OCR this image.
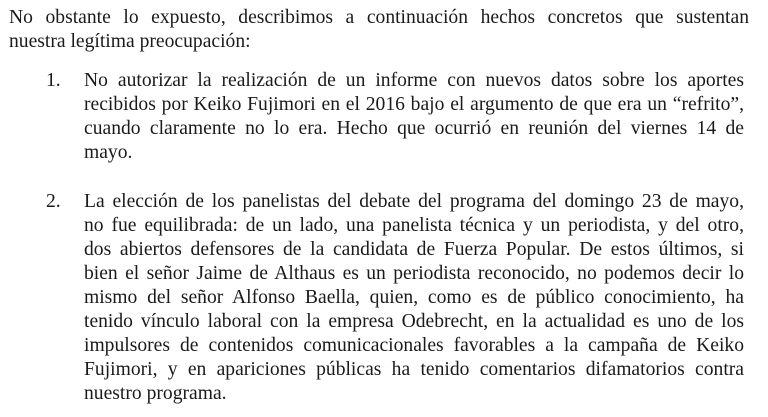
No obstante lo expuesto, describimos a continuación hechos concretos que sustentan
nuestra legítima preocupación:
1. No autorizar la realización de un informe con nuevos datos sobre los aportes
recibidos por Keiko Fujimori en el 2016 bajo el argumento de que era un “refrito”,
cuando claramente no lo era. Hecho que ocurrió en reunión del viernes 14 de
mayo.
2. La elección de los panelistas del debate del programa del domingo 23 de mayo,
no fue equilibrada: de un lado, una panelista técnica y un periodista, y del otro,
dos abiertos defensores de la candidata de Fuerza Popular. De estos últimos, si
bien el señor Jaime de Althaus es un periodista reconocido, no podemos decir lo
mismo del señor Alfonso Baella, quien, como es de público conocimiento, ha
tenido vínculo laboral con la empresa Odebrecht, en la actualidad es uno de los
impulsores de contenidos comunicacionales favorables a la campaña de Keiko
Fujimori, y en apariciones públicas ha tenido comentarios difamatorios contra
nuestro programa.
